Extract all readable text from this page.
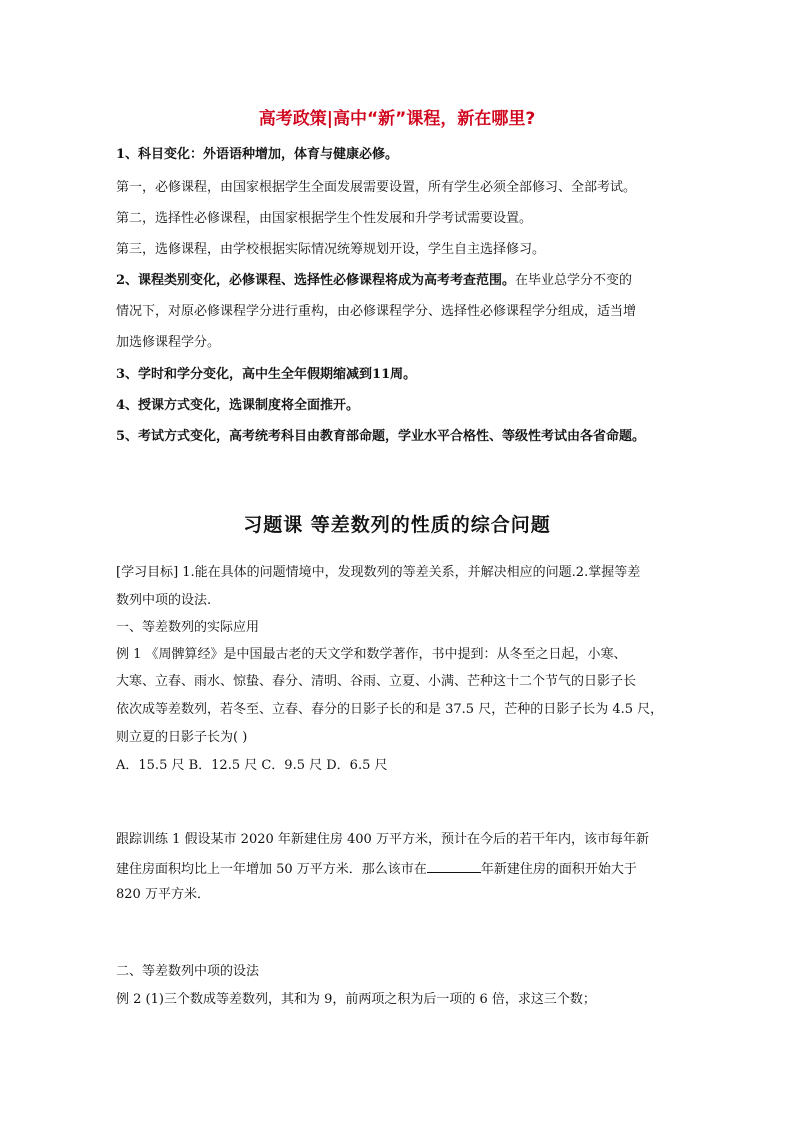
高考政策|高中“新”课程，新在哪里?
1、科目变化：外语语种增加，体育与健康必修。
第一，必修课程，由国家根据学生全面发展需要设置，所有学生必须全部修习、全部考试。
第二，选择性必修课程，由国家根据学生个性发展和升学考试需要设置。
第三，选修课程，由学校根据实际情况统筹规划开设，学生自主选择修习。
2、课程类别变化，必修课程、选择性必修课程将成为高考考查范围。在毕业总学分不变的
情况下，对原必修课程学分进行重构，由必修课程学分、选择性必修课程学分组成，适当增
加选修课程学分。
3、学时和学分变化，高中生全年假期缩减到11周。
4、授课方式变化，选课制度将全面推开。
5、考试方式变化，高考统考科目由教育部命题，学业水平合格性、等级性考试由各省命题。
习题课 等差数列的性质的综合问题
[学习目标] 1.能在具体的问题情境中，发现数列的等差关系，并解决相应的问题.2.掌握等差
数列中项的设法.
一、等差数列的实际应用
例 1 《周髀算经》是中国最古老的天文学和数学著作，书中提到：从冬至之日起，小寒、
大寒、立春、雨水、惊蛰、春分、清明、谷雨、立夏、小满、芒种这十二个节气的日影子长
依次成等差数列，若冬至、立春、春分的日影子长的和是 37.5 尺，芒种的日影子长为 4.5 尺，
则立夏的日影子长为( )
A．15.5 尺 B．12.5 尺 C．9.5 尺 D．6.5 尺
跟踪训练 1 假设某市 2020 年新建住房 400 万平方米，预计在今后的若干年内，该市每年新
建住房面积均比上一年增加 50 万平方米．那么该市在	年新建住房的面积开始大于
820 万平方米．
二、等差数列中项的设法
例 2 (1)三个数成等差数列，其和为 9，前两项之积为后一项的 6 倍，求这三个数；
